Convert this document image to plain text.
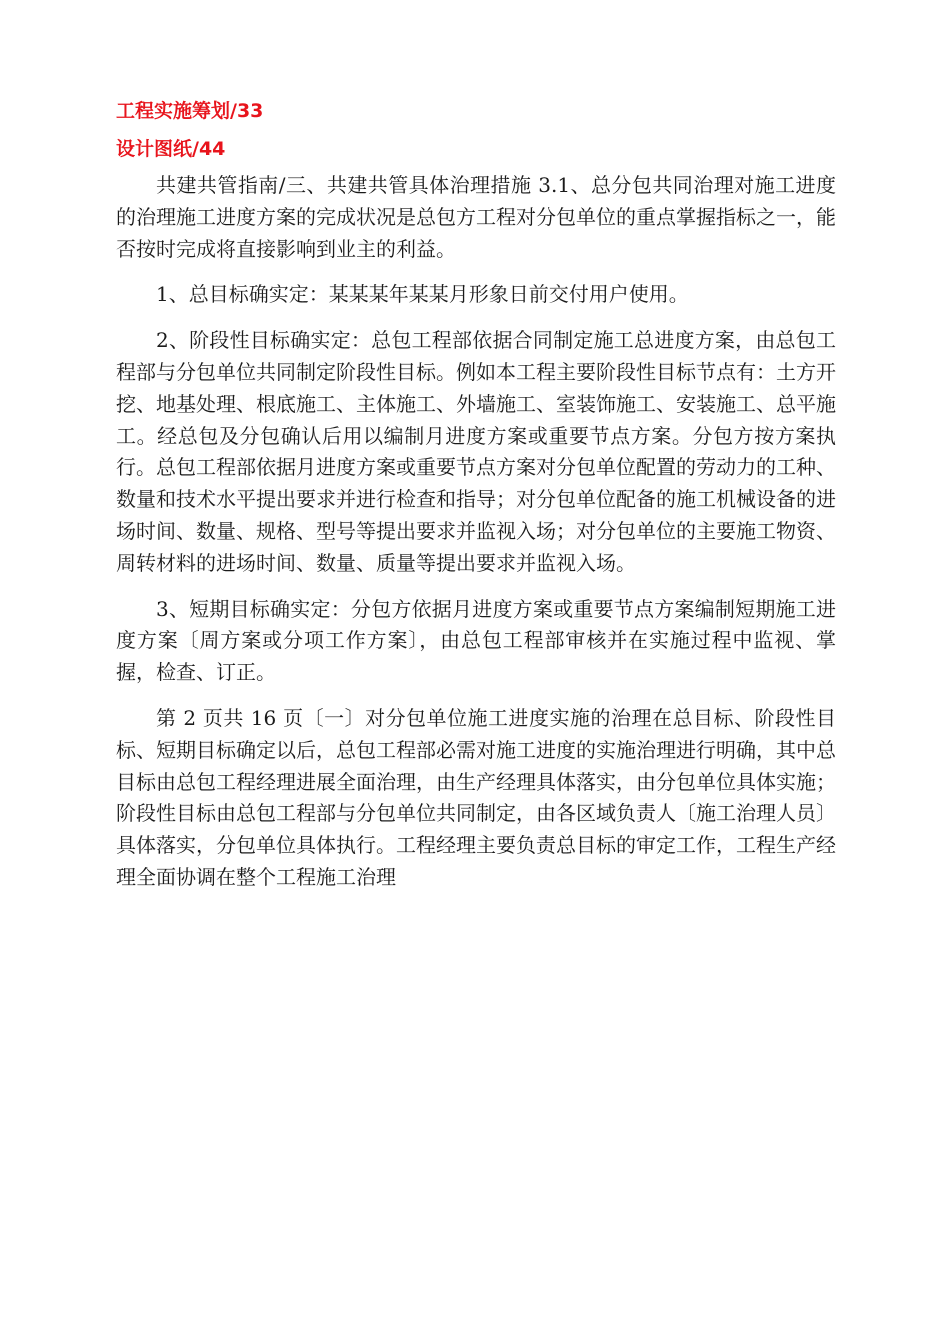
工程实施筹划/33

设计图纸/44

共建共管指南/三、共建共管具体治理措施 3.1、总分包共同治理对施工进度的治理施工进度方案的完成状况是总包方工程对分包单位的重点掌握指标之一，能否按时完成将直接影响到业主的利益。

1、总目标确实定：某某某年某某月形象日前交付用户使用。

2、阶段性目标确实定：总包工程部依据合同制定施工总进度方案，由总包工程部与分包单位共同制定阶段性目标。例如本工程主要阶段性目标节点有：土方开挖、地基处理、根底施工、主体施工、外墙施工、室装饰施工、安装施工、总平施工。经总包及分包确认后用以编制月进度方案或重要节点方案。分包方按方案执行。总包工程部依据月进度方案或重要节点方案对分包单位配置的劳动力的工种、数量和技术水平提出要求并进行检查和指导；对分包单位配备的施工机械设备的进场时间、数量、规格、型号等提出要求并监视入场；对分包单位的主要施工物资、周转材料的进场时间、数量、质量等提出要求并监视入场。

3、短期目标确实定：分包方依据月进度方案或重要节点方案编制短期施工进度方案〔周方案或分项工作方案〕，由总包工程部审核并在实施过程中监视、掌握，检查、订正。

第 2 页共 16 页〔一〕对分包单位施工进度实施的治理在总目标、阶段性目标、短期目标确定以后，总包工程部必需对施工进度的实施治理进行明确，其中总目标由总包工程经理进展全面治理，由生产经理具体落实，由分包单位具体实施；阶段性目标由总包工程部与分包单位共同制定，由各区域负责人〔施工治理人员〕具体落实，分包单位具体执行。工程经理主要负责总目标的审定工作，工程生产经理全面协调在整个工程施工治理
